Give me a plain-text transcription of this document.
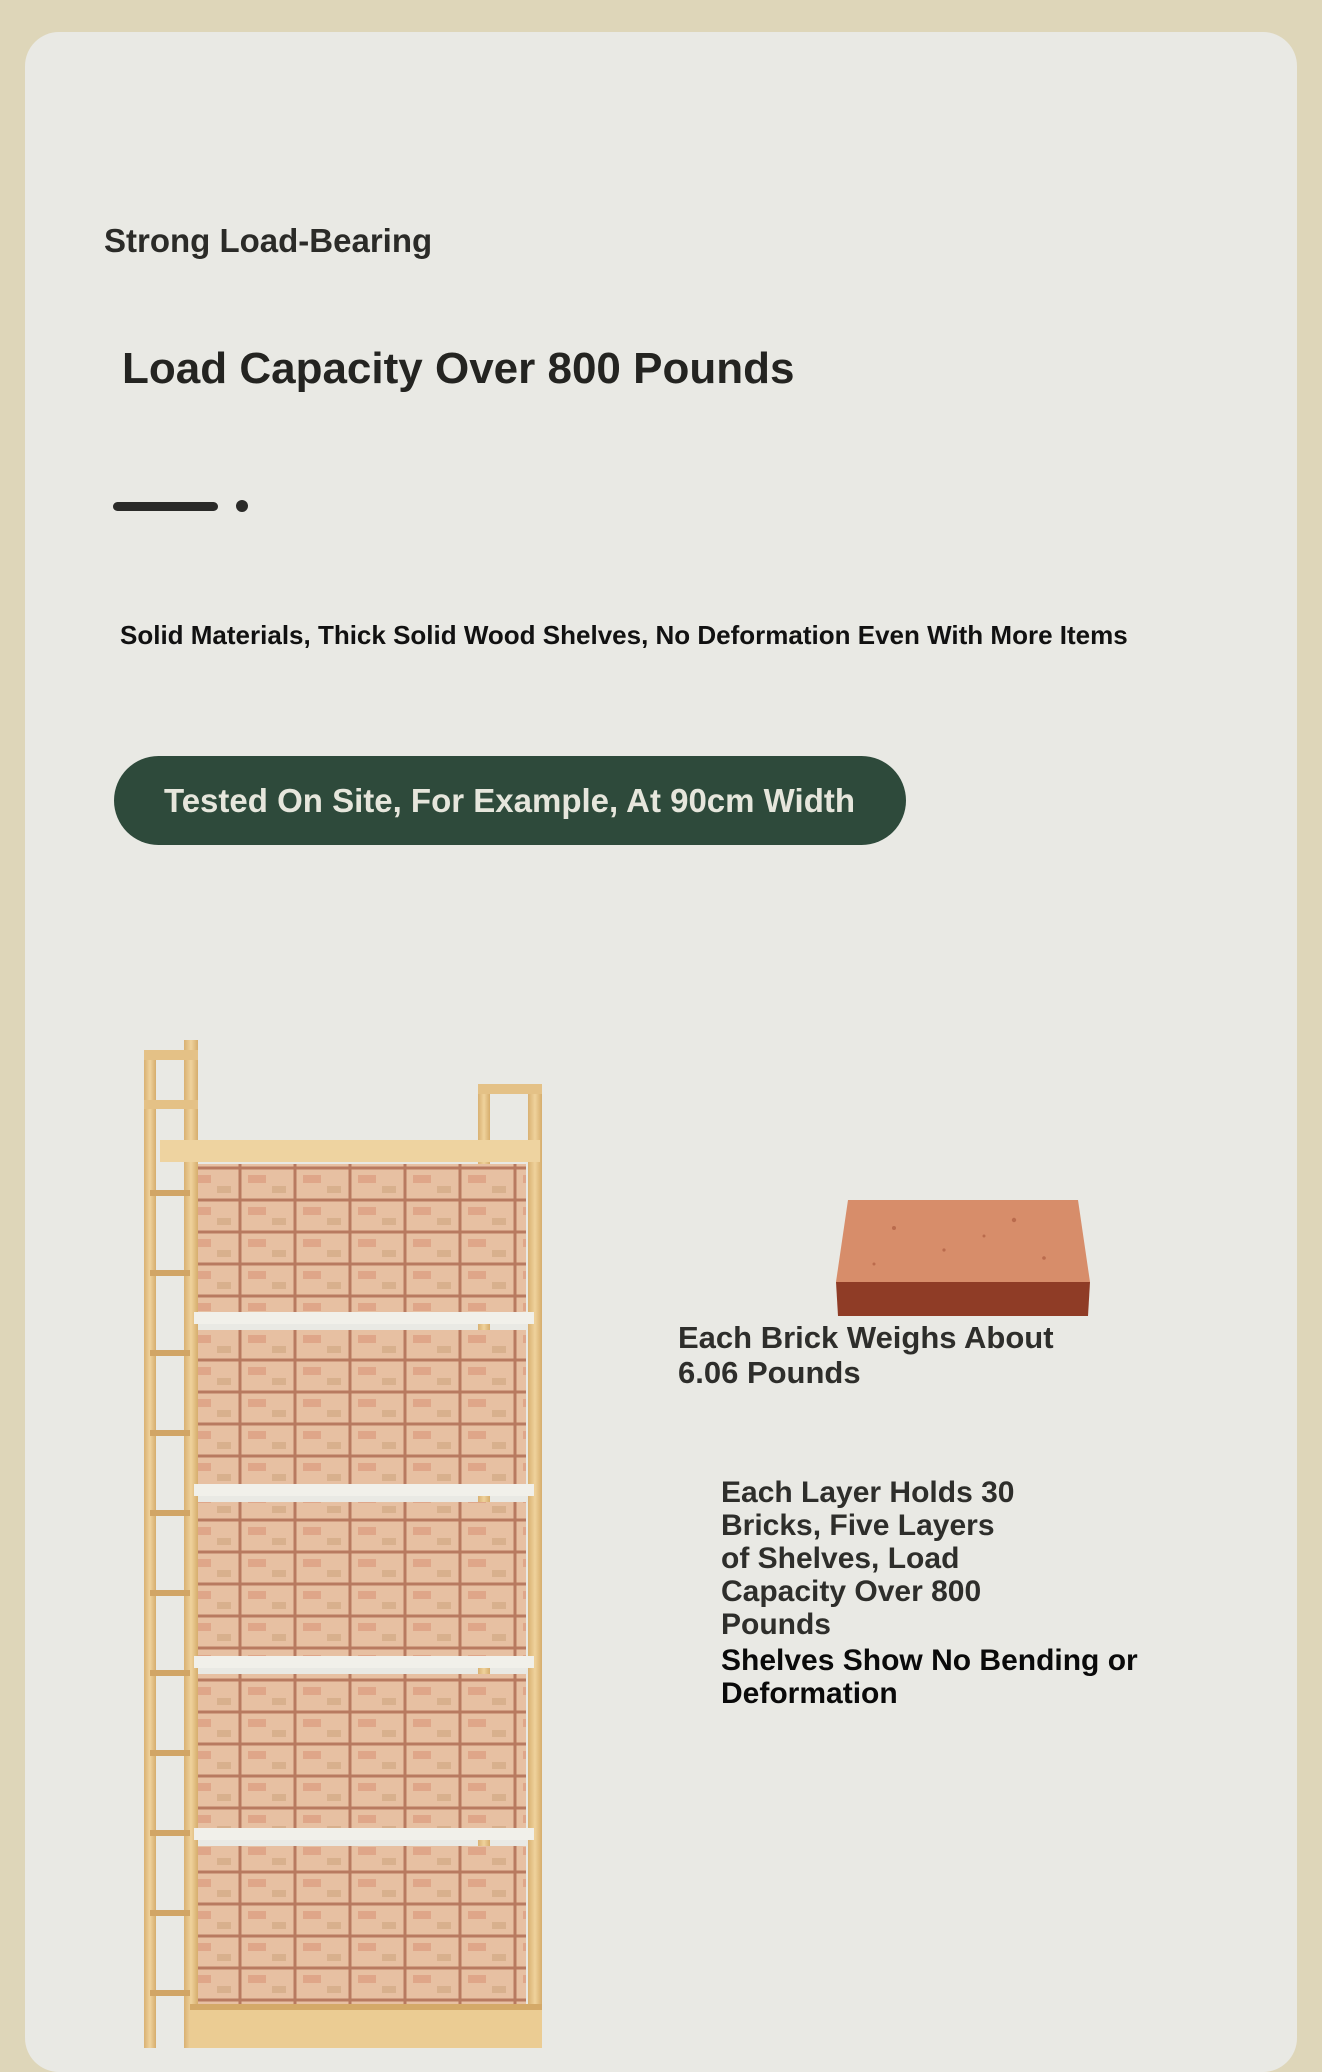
Strong Load-Bearing
Load Capacity Over 800 Pounds
Solid Materials, Thick Solid Wood Shelves, No Deformation Even With More Items
Tested On Site, For Example, At 90cm Width
Each Brick Weighs About 6.06 Pounds
Each Layer Holds 30 Bricks, Five Layers of Shelves, Load Capacity Over 800 Pounds
Shelves Show No Bending or Deformation
